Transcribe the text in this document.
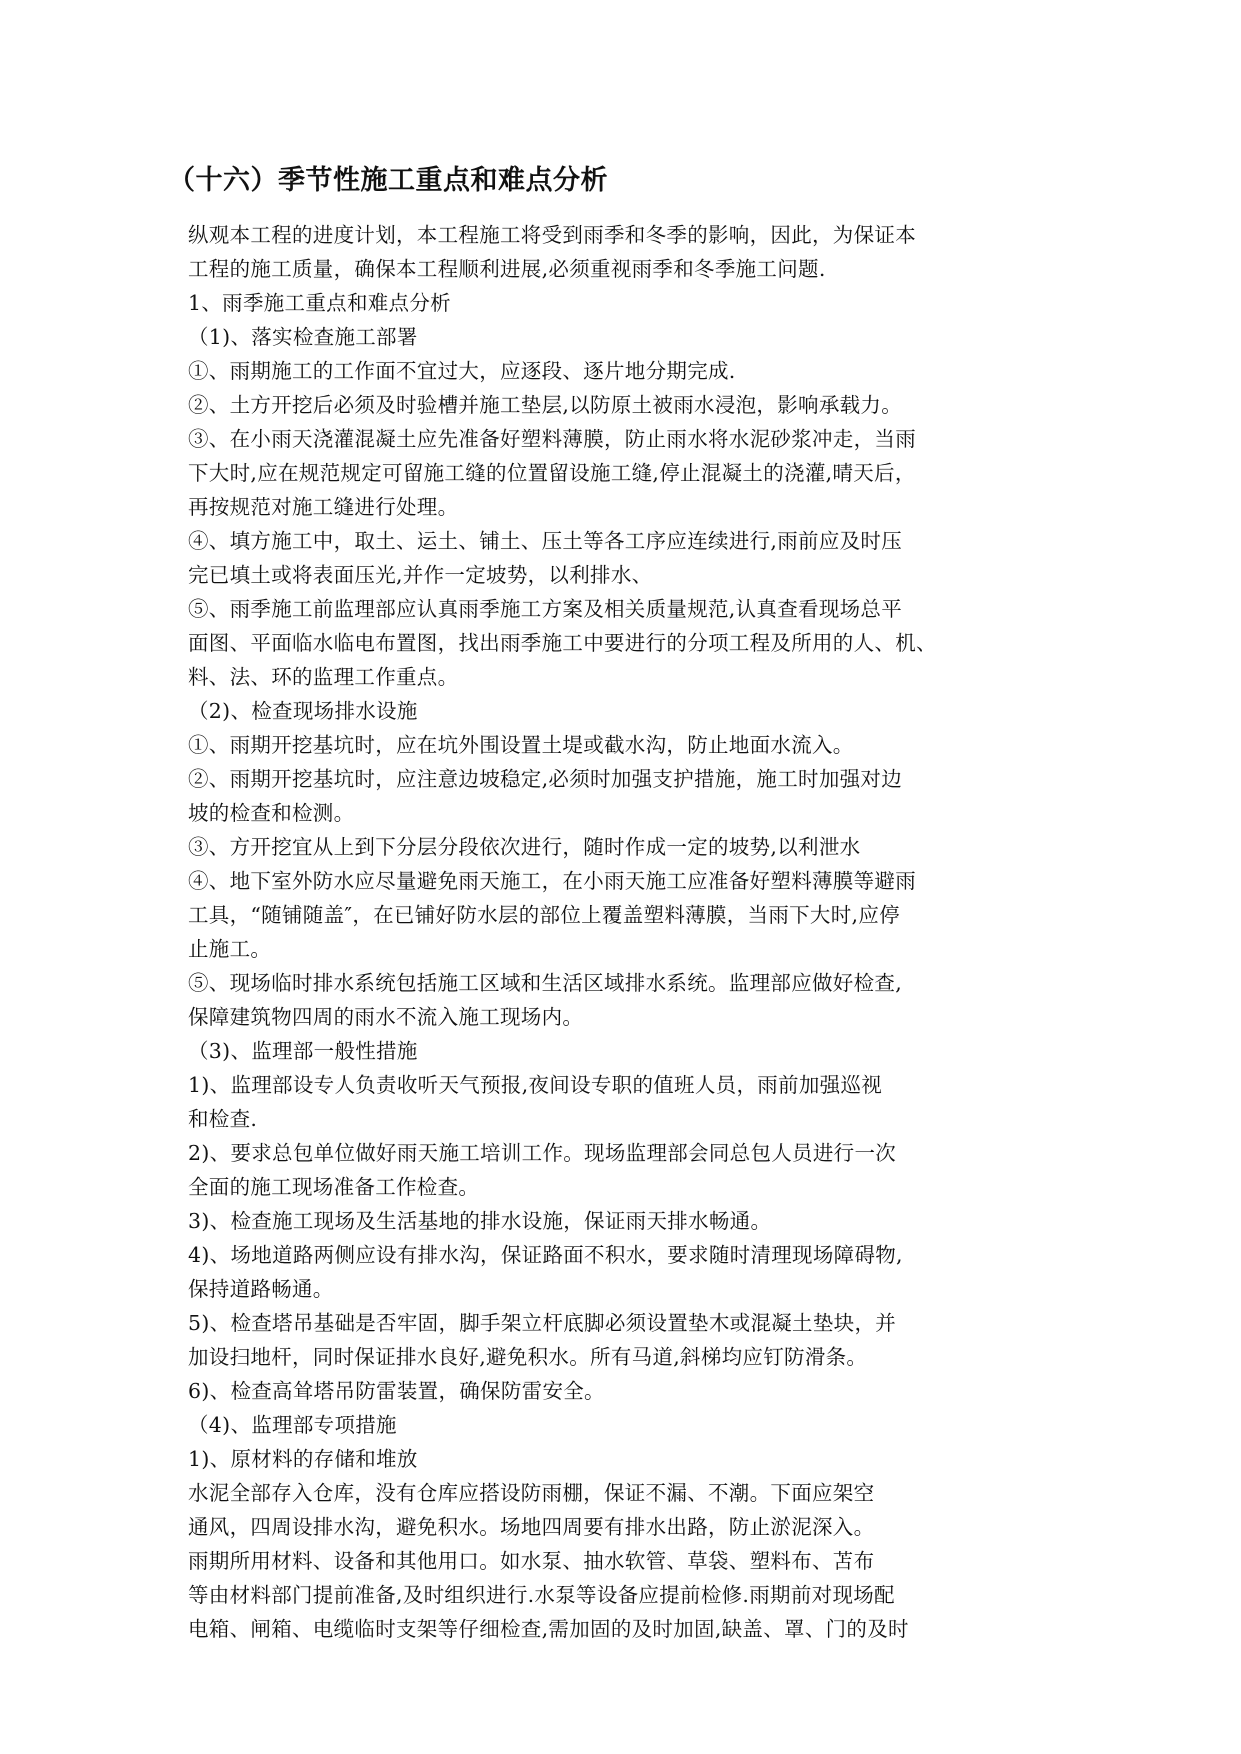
（十六）季节性施工重点和难点分析
纵观本工程的进度计划，本工程施工将受到雨季和冬季的影响，因此，为保证本
工程的施工质量，确保本工程顺利进展,必须重视雨季和冬季施工问题.
1、雨季施工重点和难点分析
（1)、落实检查施工部署
①、雨期施工的工作面不宜过大，应逐段、逐片地分期完成.
②、土方开挖后必须及时验槽并施工垫层,以防原土被雨水浸泡，影响承载力。
③、在小雨天浇灌混凝土应先准备好塑料薄膜，防止雨水将水泥砂浆冲走，当雨
下大时,应在规范规定可留施工缝的位置留设施工缝,停止混凝土的浇灌,晴天后，
再按规范对施工缝进行处理。
④、填方施工中，取土、运土、铺土、压土等各工序应连续进行,雨前应及时压
完已填土或将表面压光,并作一定坡势，以利排水、
⑤、雨季施工前监理部应认真雨季施工方案及相关质量规范,认真查看现场总平
面图、平面临水临电布置图，找出雨季施工中要进行的分项工程及所用的人、机、
料、法、环的监理工作重点。
（2)、检查现场排水设施
①、雨期开挖基坑时，应在坑外围设置土堤或截水沟，防止地面水流入。
②、雨期开挖基坑时，应注意边坡稳定,必须时加强支护措施，施工时加强对边
坡的检查和检测。
③、方开挖宜从上到下分层分段依次进行，随时作成一定的坡势,以利泄水
④、地下室外防水应尽量避免雨天施工，在小雨天施工应准备好塑料薄膜等避雨
工具，“随铺随盖″，在已铺好防水层的部位上覆盖塑料薄膜，当雨下大时,应停
止施工。
⑤、现场临时排水系统包括施工区域和生活区域排水系统。监理部应做好检查,
保障建筑物四周的雨水不流入施工现场内。
（3)、监理部一般性措施
1)、监理部设专人负责收听天气预报,夜间设专职的值班人员，雨前加强巡视
和检查.
2)、要求总包单位做好雨天施工培训工作。现场监理部会同总包人员进行一次
全面的施工现场准备工作检查。
3)、检查施工现场及生活基地的排水设施，保证雨天排水畅通。
4)、场地道路两侧应设有排水沟，保证路面不积水，要求随时清理现场障碍物,
保持道路畅通。
5)、检查塔吊基础是否牢固，脚手架立杆底脚必须设置垫木或混凝土垫块，并
加设扫地杆，同时保证排水良好,避免积水。所有马道,斜梯均应钉防滑条。
6)、检查高耸塔吊防雷装置，确保防雷安全。
（4)、监理部专项措施
1)、原材料的存储和堆放
水泥全部存入仓库，没有仓库应搭设防雨棚，保证不漏、不潮。下面应架空
通风，四周设排水沟，避免积水。场地四周要有排水出路，防止淤泥深入。
雨期所用材料、设备和其他用口。如水泵、抽水软管、草袋、塑料布、苫布
等由材料部门提前准备,及时组织进行.水泵等设备应提前检修.雨期前对现场配
电箱、闸箱、电缆临时支架等仔细检查,需加固的及时加固,缺盖、罩、门的及时
